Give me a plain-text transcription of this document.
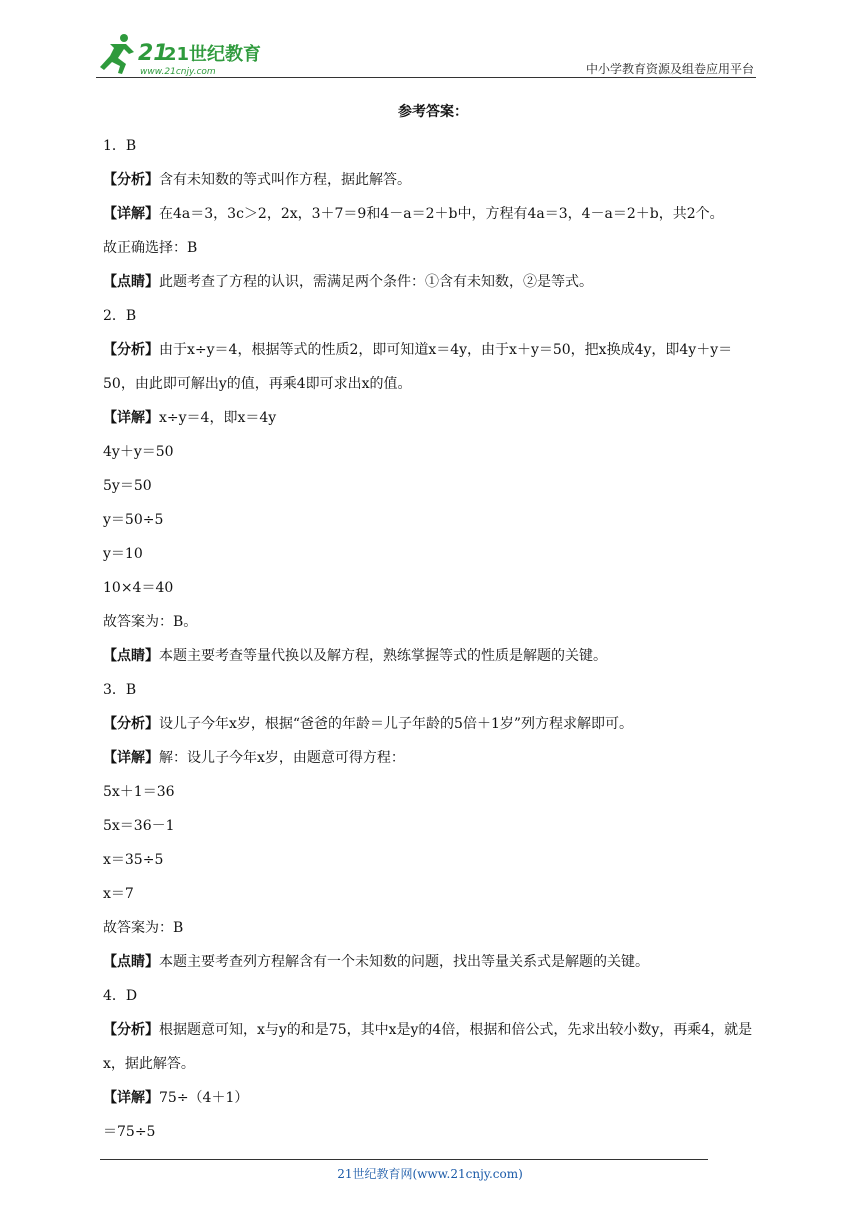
21
21世纪教育
www.21cnjy.com	中小学教育资源及组卷应用平台
参考答案：
1．B
【分析】含有未知数的等式叫作方程，据此解答。
【详解】在4a＝3，3c＞2，2x，3＋7＝9和4－a＝2＋b中，方程有4a＝3，4－a＝2＋b，共2个。
故正确选择：B
【点睛】此题考查了方程的认识，需满足两个条件：①含有未知数，②是等式。
2．B
【分析】由于x÷y＝4，根据等式的性质2，即可知道x＝4y，由于x＋y＝50，把x换成4y，即4y＋y＝50，由此即可解出y的值，再乘4即可求出x的值。
【详解】x÷y＝4，即x＝4y
4y＋y＝50
5y＝50
y＝50÷5
y＝10
10×4＝40
故答案为：B。
【点睛】本题主要考查等量代换以及解方程，熟练掌握等式的性质是解题的关键。
3．B
【分析】设儿子今年x岁，根据“爸爸的年龄＝儿子年龄的5倍＋1岁”列方程求解即可。
【详解】解：设儿子今年x岁，由题意可得方程：
5x＋1＝36
5x＝36－1
x＝35÷5
x＝7
故答案为：B
【点睛】本题主要考查列方程解含有一个未知数的问题，找出等量关系式是解题的关键。
4．D
【分析】根据题意可知，x与y的和是75，其中x是y的4倍，根据和倍公式，先求出较小数y，再乘4，就是x，据此解答。
【详解】75÷（4＋1）
＝75÷5
21世纪教育网(www.21cnjy.com)
